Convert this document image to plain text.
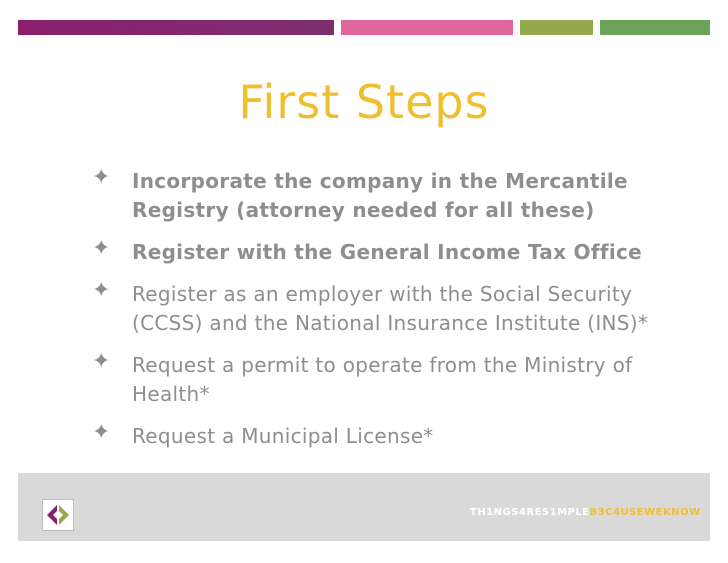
First Steps
✦ Incorporate the company in the Mercantile Registry (attorney needed for all these)
✦ Register with the General Income Tax Office
✦ Register as an employer with the Social Security (CCSS) and the National Insurance Institute (INS)*
✦ Request a permit to operate from the Ministry of Health*
✦ Request a Municipal License*
TH1NGS4RES1MPLEB3C4USEWEKNOW
